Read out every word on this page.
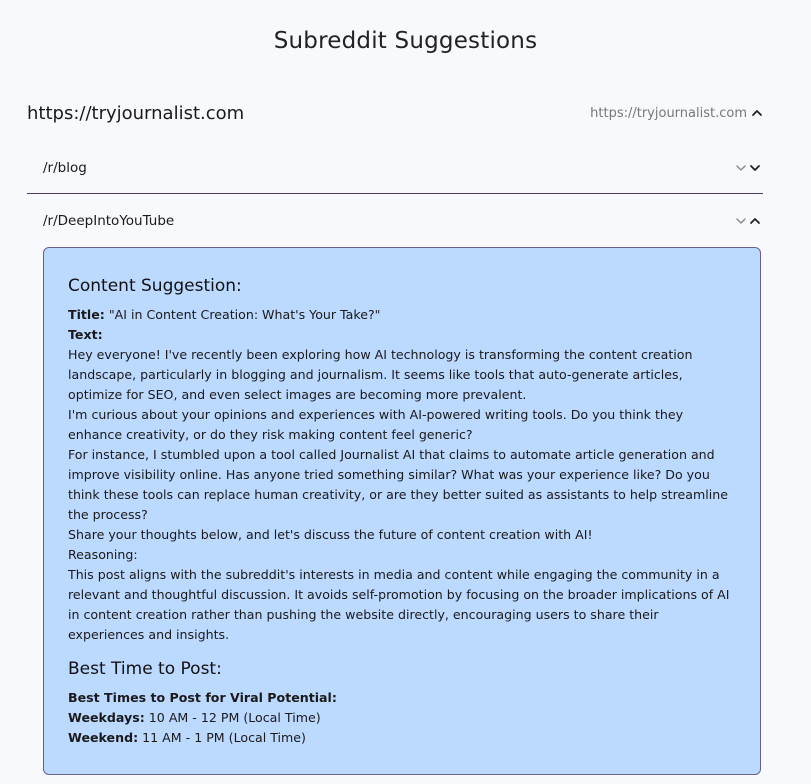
Subreddit Suggestions
https://tryjournalist.com	https://tryjournalist.com
/r/blog
/r/DeepIntoYouTube
Content Suggestion:

Title: "AI in Content Creation: What's Your Take?"

Text:

Hey everyone! I've recently been exploring how AI technology is transforming the content creation landscape, particularly in blogging and journalism. It seems like tools that auto-generate articles, optimize for SEO, and even select images are becoming more prevalent.

I'm curious about your opinions and experiences with AI-powered writing tools. Do you think they enhance creativity, or do they risk making content feel generic?

For instance, I stumbled upon a tool called Journalist AI that claims to automate article generation and improve visibility online. Has anyone tried something similar? What was your experience like? Do you think these tools can replace human creativity, or are they better suited as assistants to help streamline the process?

Share your thoughts below, and let's discuss the future of content creation with AI!

Reasoning:

This post aligns with the subreddit's interests in media and content while engaging the community in a relevant and thoughtful discussion. It avoids self-promotion by focusing on the broader implications of AI in content creation rather than pushing the website directly, encouraging users to share their experiences and insights.

Best Time to Post:

Best Times to Post for Viral Potential:

Weekdays: 10 AM - 12 PM (Local Time)

Weekend: 11 AM - 1 PM (Local Time)
